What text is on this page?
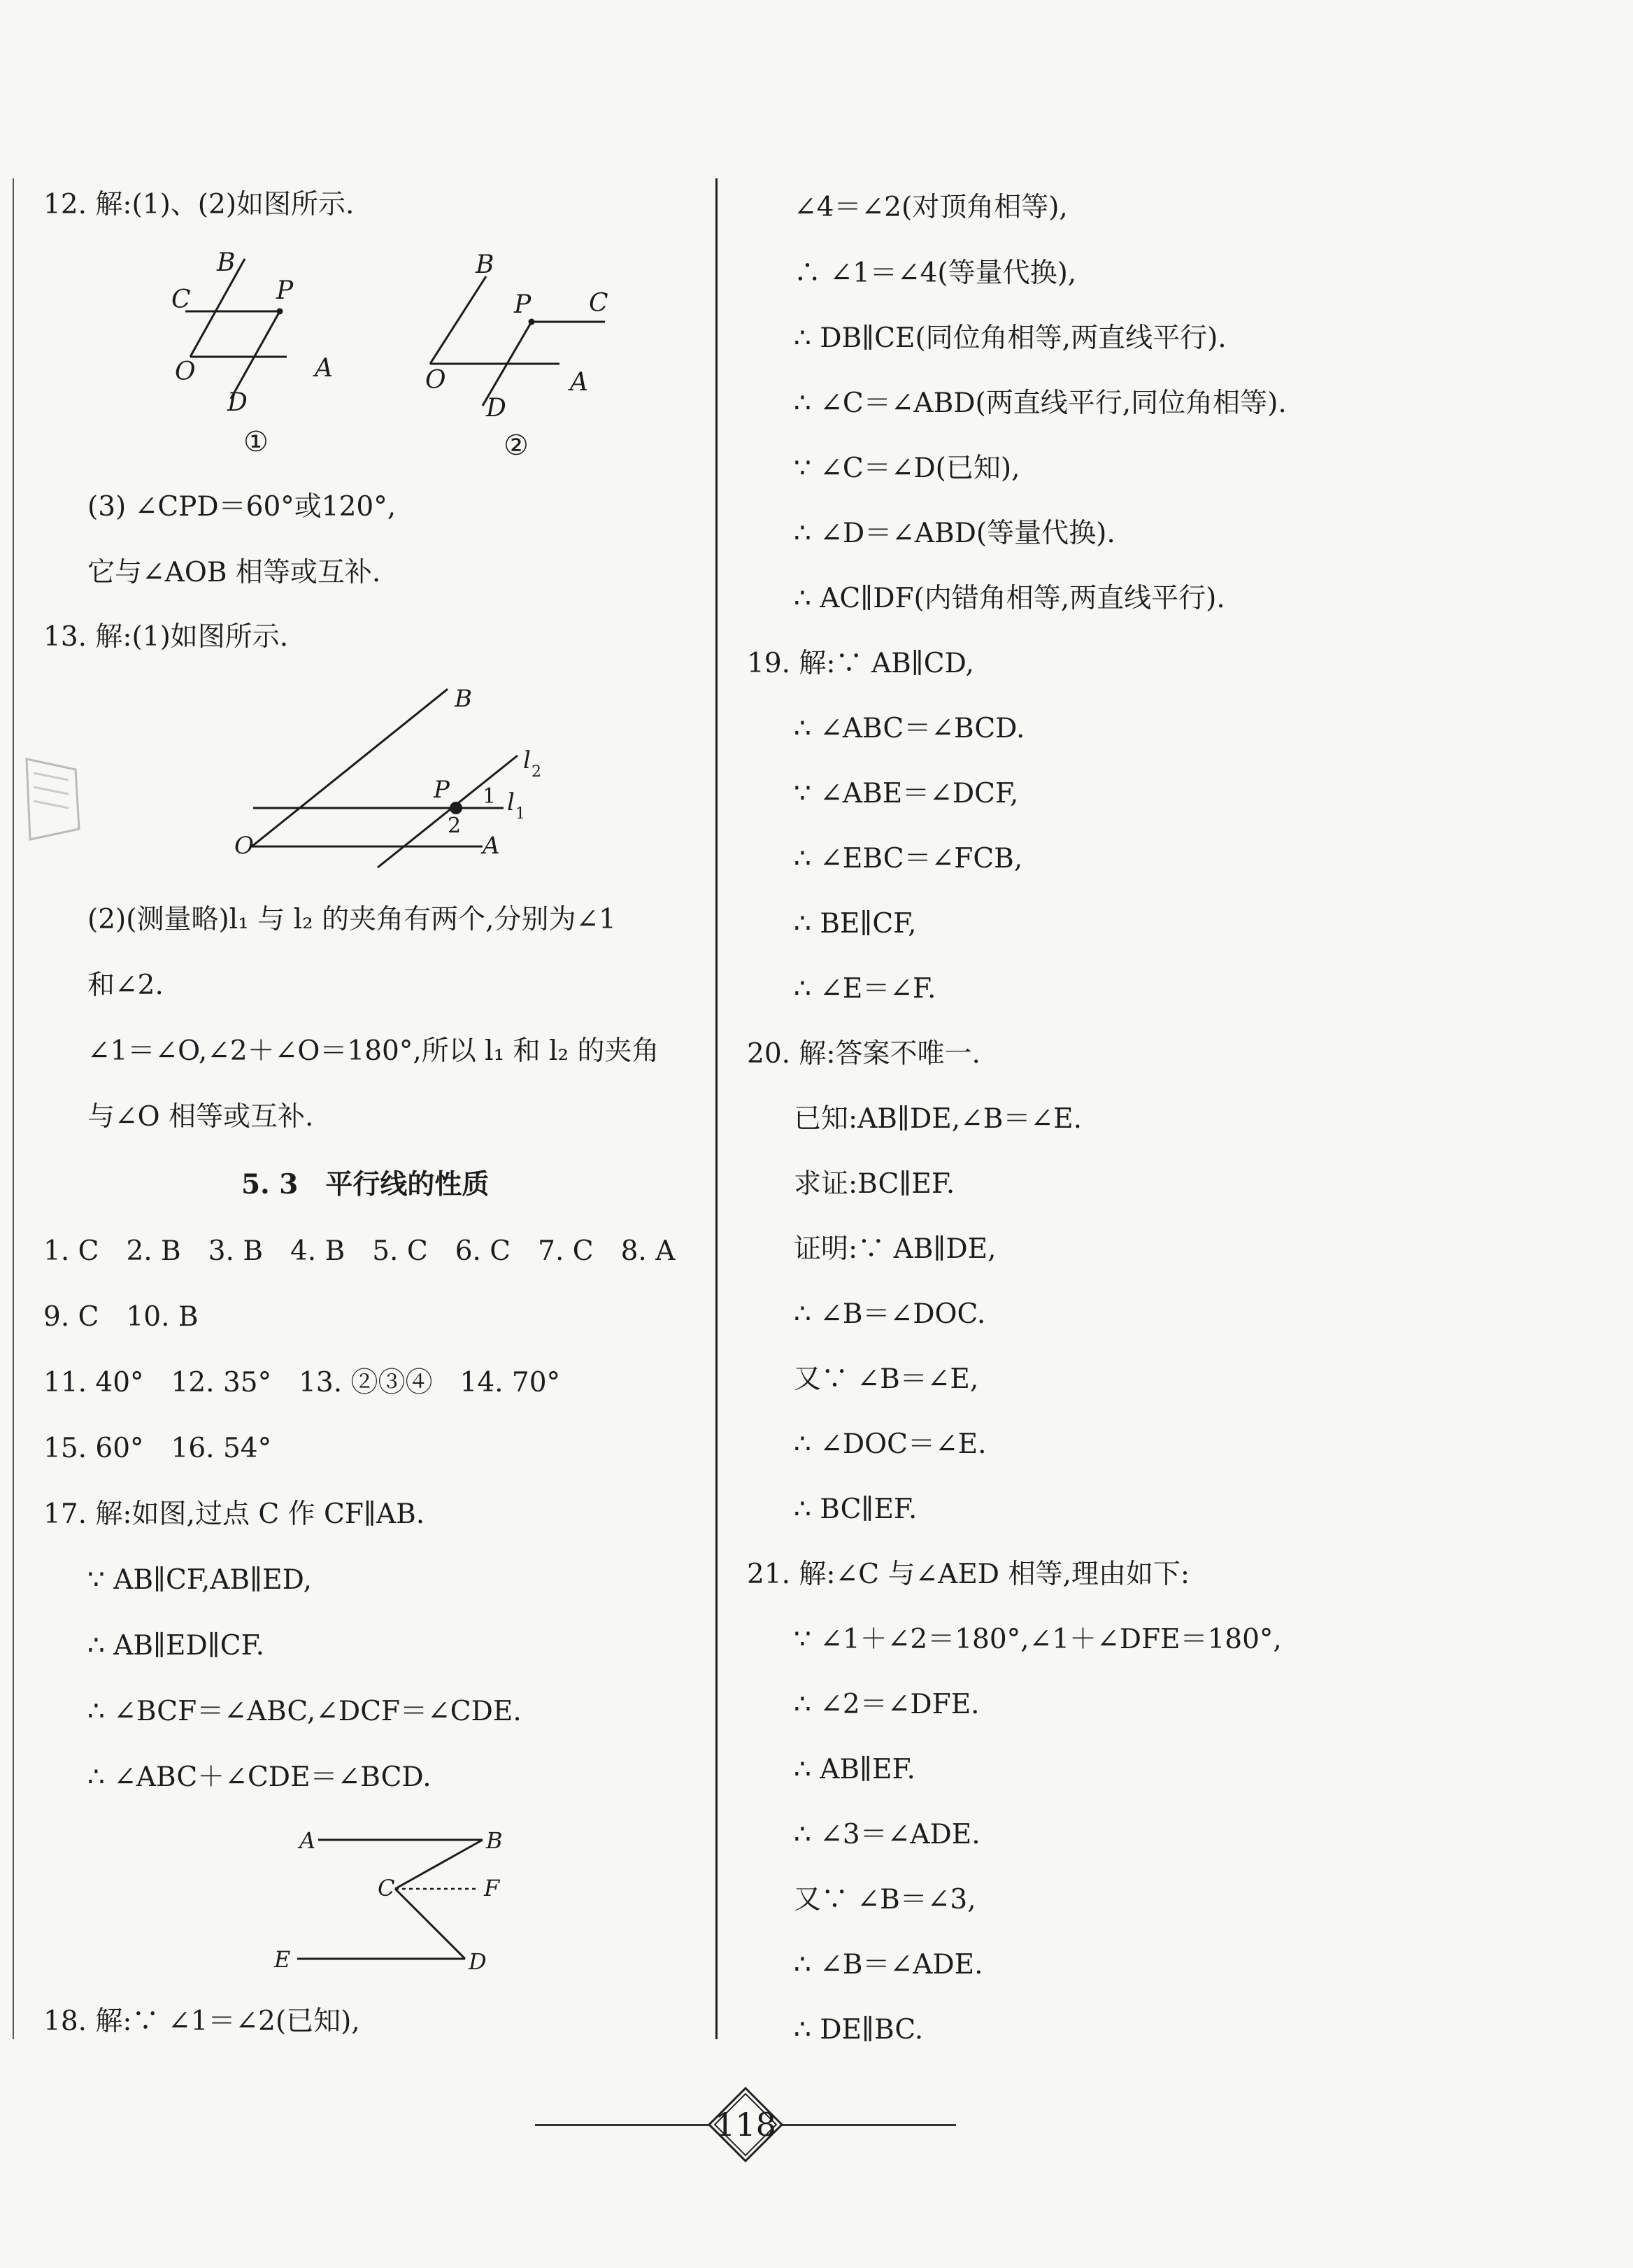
12. 解:(1)、(2)如图所示.
B
C	P
O
D
A
①
B
P C
O
D
A
②
(3) ∠CPD＝60°或120°,
它与∠AOB 相等或互补.
13. 解:(1)如图所示.
B
P
l 2
l 1
1
2
O	A
(2)(测量略)l₁ 与 l₂ 的夹角有两个,分别为∠1
和∠2.
∠1＝∠O,∠2＋∠O＝180°,所以 l₁ 和 l₂ 的夹角
与∠O 相等或互补.
5. 3　平行线的性质
1. C　2. B　3. B　4. B　5. C　6. C　7. C　8. A
9. C　10. B
11. 40°　12. 35°　13. ②③④　14. 70°
15. 60°　16. 54°
17. 解:如图,过点 C 作 CF∥AB.
∵ AB∥CF,AB∥ED,
∴ AB∥ED∥CF.
∴ ∠BCF＝∠ABC,∠DCF＝∠CDE.
∴ ∠ABC＋∠CDE＝∠BCD.
A	B
C	F
E	D
18. 解:∵ ∠1＝∠2(已知),
∠4＝∠2(对顶角相等),
∴ ∠1＝∠4(等量代换),
∴ DB∥CE(同位角相等,两直线平行).
∴ ∠C＝∠ABD(两直线平行,同位角相等).
∵ ∠C＝∠D(已知),
∴ ∠D＝∠ABD(等量代换).
∴ AC∥DF(内错角相等,两直线平行).
19. 解:∵ AB∥CD,
∴ ∠ABC＝∠BCD.
∵ ∠ABE＝∠DCF,
∴ ∠EBC＝∠FCB,
∴ BE∥CF,
∴ ∠E＝∠F.
20. 解:答案不唯一.
已知:AB∥DE,∠B＝∠E.
求证:BC∥EF.
证明:∵ AB∥DE,
∴ ∠B＝∠DOC.
又∵ ∠B＝∠E,
∴ ∠DOC＝∠E.
∴ BC∥EF.
21. 解:∠C 与∠AED 相等,理由如下:
∵ ∠1＋∠2＝180°,∠1＋∠DFE＝180°,
∴ ∠2＝∠DFE.
∴ AB∥EF.
∴ ∠3＝∠ADE.
又∵ ∠B＝∠3,
∴ ∠B＝∠ADE.
∴ DE∥BC.
118
